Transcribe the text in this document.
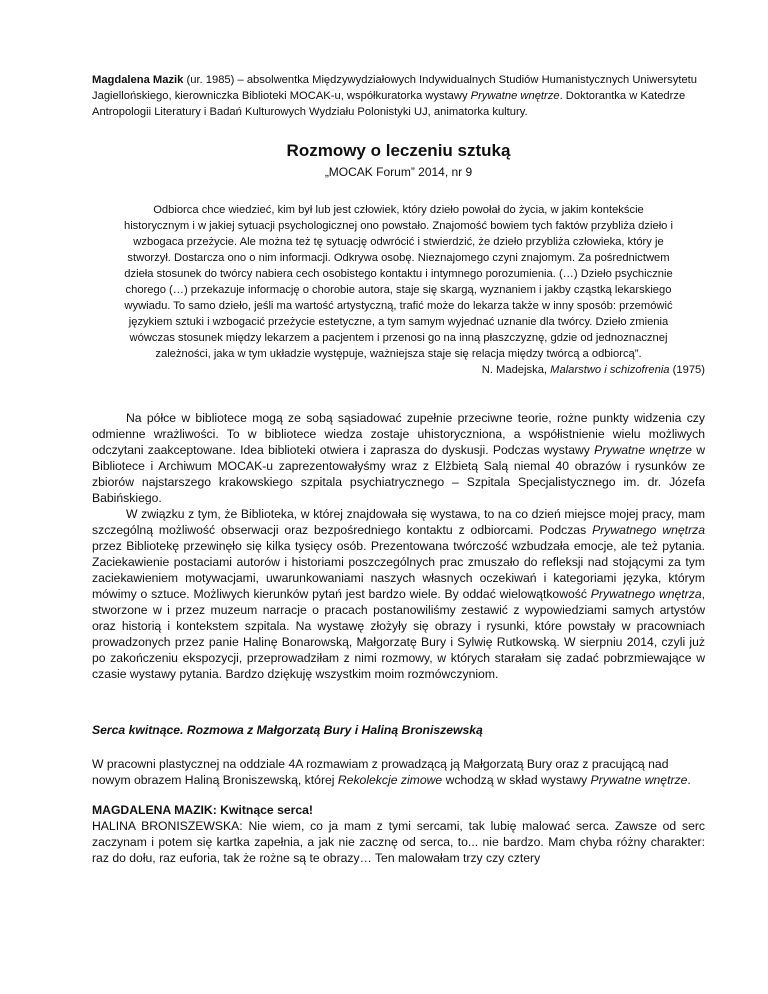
Magdalena Mazik (ur. 1985) – absolwentka Międzywydziałowych Indywidualnych Studiów Humanistycznych Uniwersytetu Jagiellońskiego, kierowniczka Biblioteki MOCAK-u, współkuratorka wystawy Prywatne wnętrze. Doktorantka w Katedrze Antropologii Literatury i Badań Kulturowych Wydziału Polonistyki UJ, animatorka kultury.

Rozmowy o leczeniu sztuką
„MOCAK Forum” 2014, nr 9
Odbiorca chce wiedzieć, kim był lub jest człowiek, który dzieło powołał do życia, w jakim kontekście
historycznym i w jakiej sytuacji psychologicznej ono powstało. Znajomość bowiem tych faktów przybliża dzieło i
wzbogaca przeżycie. Ale można też tę sytuację odwrócić i stwierdzić, że dzieło przybliża człowieka, który je
stworzył. Dostarcza ono o nim informacji. Odkrywa osobę. Nieznajomego czyni znajomym. Za pośrednictwem
dzieła stosunek do twórcy nabiera cech osobistego kontaktu i intymnego porozumienia. (…) Dzieło psychicznie
chorego (…) przekazuje informację o chorobie autora, staje się skargą, wyznaniem i jakby cząstką lekarskiego
wywiadu. To samo dzieło, jeśli ma wartość artystyczną, trafić może do lekarza także w inny sposób: przemówić
językiem sztuki i wzbogacić przeżycie estetyczne, a tym samym wyjednać uznanie dla twórcy. Dzieło zmienia
wówczas stosunek między lekarzem a pacjentem i przenosi go na inną płaszczyznę, gdzie od jednoznacznej
zależności, jaka w tym układzie występuje, ważniejsza staje się relacja między twórcą a odbiorcą”.
N. Madejska, Malarstwo i schizofrenia (1975)

Na półce w bibliotece mogą ze sobą sąsiadować zupełnie przeciwne teorie, rożne punkty widzenia czy odmienne wrażliwości. To w bibliotece wiedza zostaje uhistoryczniona, a współistnienie wielu możliwych odczytani zaakceptowane. Idea biblioteki otwiera i zaprasza do dyskusji. Podczas wystawy Prywatne wnętrze w Bibliotece i Archiwum MOCAK-u zaprezentowałyśmy wraz z Elżbietą Salą niemal 40 obrazów i rysunków ze zbiorów najstarszego krakowskiego szpitala psychiatrycznego – Szpitala Specjalistycznego im. dr. Józefa Babińskiego.

W związku z tym, że Biblioteka, w której znajdowała się wystawa, to na co dzień miejsce mojej pracy, mam szczególną możliwość obserwacji oraz bezpośredniego kontaktu z odbiorcami. Podczas Prywatnego wnętrza przez Bibliotekę przewinęło się kilka tysięcy osób. Prezentowana twórczość wzbudzała emocje, ale też pytania. Zaciekawienie postaciami autorów i historiami poszczególnych prac zmuszało do refleksji nad stojącymi za tym zaciekawieniem motywacjami, uwarunkowaniami naszych własnych oczekiwań i kategoriami języka, którym mówimy o sztuce. Możliwych kierunków pytań jest bardzo wiele. By oddać wielowątkowość Prywatnego wnętrza, stworzone w i przez muzeum narracje o pracach postanowiliśmy zestawić z wypowiedziami samych artystów oraz historią i kontekstem szpitala. Na wystawę złożyły się obrazy i rysunki, które powstały w pracowniach prowadzonych przez panie Halinę Bonarowską, Małgorzatę Bury i Sylwię Rutkowską. W sierpniu 2014, czyli już po zakończeniu ekspozycji, przeprowadziłam z nimi rozmowy, w których starałam się zadać pobrzmiewające w czasie wystawy pytania. Bardzo dziękuję wszystkim moim rozmówczyniom.

Serca kwitnące. Rozmowa z Małgorzatą Bury i Haliną Broniszewską

W pracowni plastycznej na oddziale 4A rozmawiam z prowadzącą ją Małgorzatą Bury oraz z pracującą nad nowym obrazem Haliną Broniszewską, której Rekolekcje zimowe wchodzą w skład wystawy Prywatne wnętrze.

MAGDALENA MAZIK: Kwitnące serca!

HALINA BRONISZEWSKA: Nie wiem, co ja mam z tymi sercami, tak lubię malować serca. Zawsze od serc zaczynam i potem się kartka zapełnia, a jak nie zacznę od serca, to... nie bardzo. Mam chyba różny charakter: raz do dołu, raz euforia, tak że rożne są te obrazy… Ten malowałam trzy czy cztery
